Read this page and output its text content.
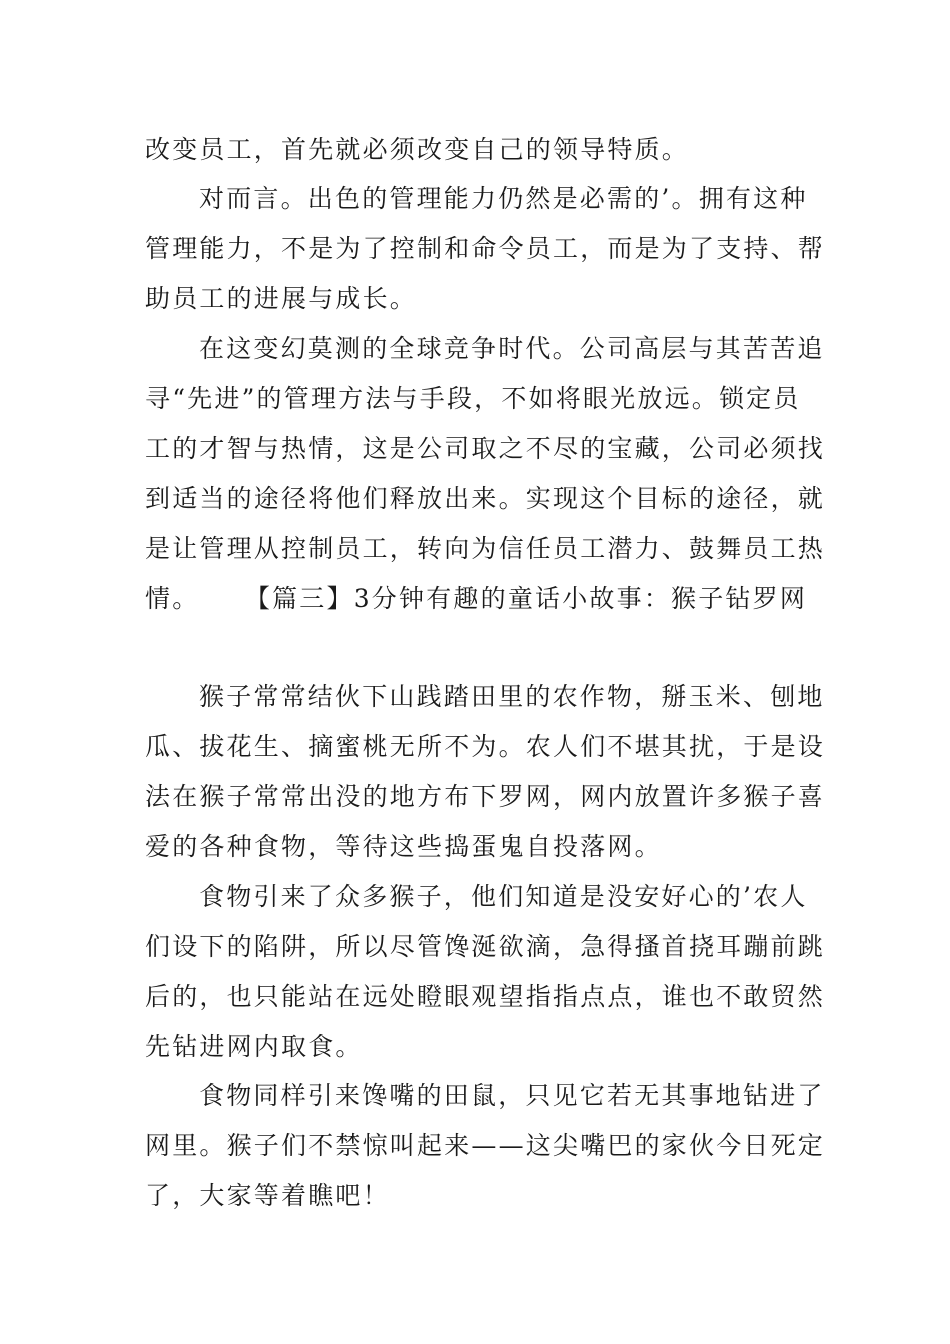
改变员工，首先就必须改变自己的领导特质。
对而言。出色的管理能力仍然是必需的’。拥有这种
管理能力，不是为了控制和命令员工，而是为了支持、帮
助员工的进展与成长。
在这变幻莫测的全球竞争时代。公司高层与其苦苦追
寻“先进”的管理方法与手段，不如将眼光放远。锁定员
工的才智与热情，这是公司取之不尽的宝藏，公司必须找
到适当的途径将他们释放出来。实现这个目标的途径，就
是让管理从控制员工，转向为信任员工潜力、鼓舞员工热
情。 【篇三】3分钟有趣的童话小故事：猴子钻罗网
猴子常常结伙下山践踏田里的农作物，掰玉米、刨地
瓜、拔花生、摘蜜桃无所不为。农人们不堪其扰，于是设
法在猴子常常出没的地方布下罗网，网内放置许多猴子喜
爱的各种食物，等待这些捣蛋鬼自投落网。
食物引来了众多猴子，他们知道是没安好心的’农人
们设下的陷阱，所以尽管馋涎欲滴，急得搔首挠耳蹦前跳
后的，也只能站在远处瞪眼观望指指点点，谁也不敢贸然
先钻进网内取食。
食物同样引来馋嘴的田鼠，只见它若无其事地钻进了
网里。猴子们不禁惊叫起来——这尖嘴巴的家伙今日死定
了，大家等着瞧吧！
